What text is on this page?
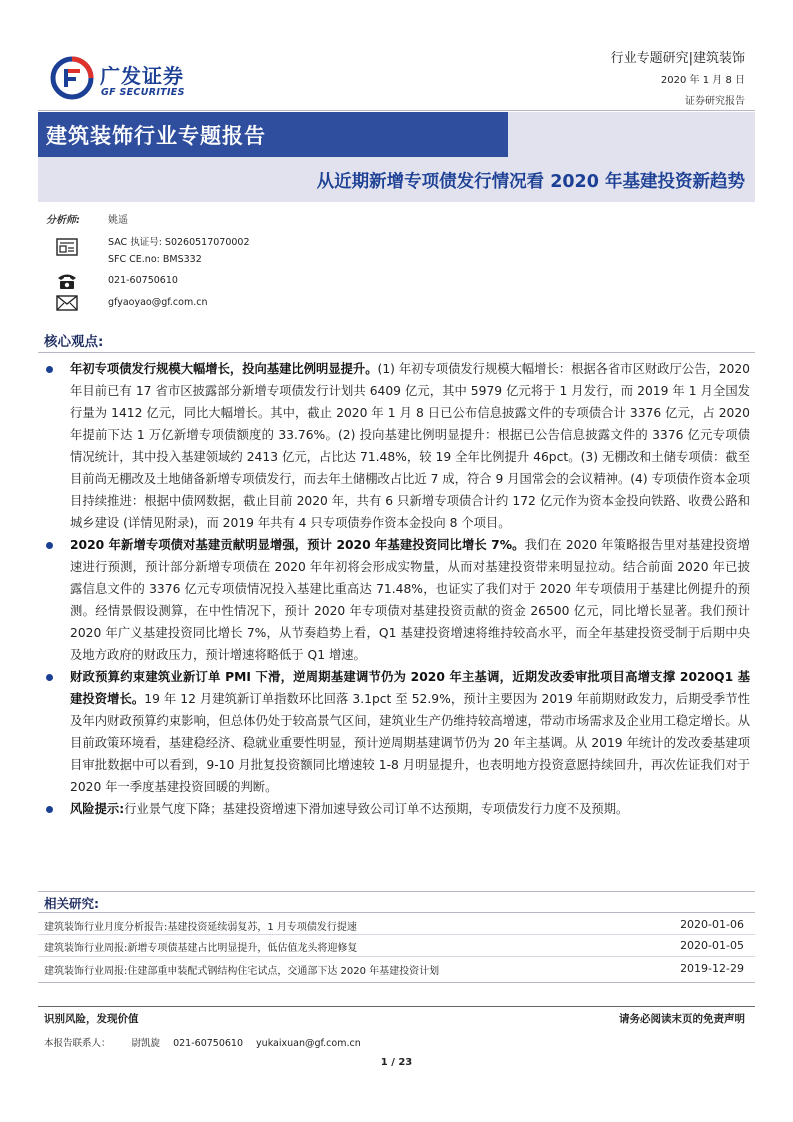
广发证券
GF SECURITIES
行业专题研究|建筑装饰
2020 年 1 月 8 日
证券研究报告
建筑装饰行业专题报告
从近期新增专项债发行情况看 2020 年基建投资新趋势
分析师:	姚遥
SAC 执证号: S0260517070002
SFC CE.no: BMS332
021-60750610
gfyaoyao@gf.com.cn
核心观点:
年初专项债发行规模大幅增长，投向基建比例明显提升。(1) 年初专项债发行规模大幅增长：根据各省市区财政厅公告，2020 年目前已有 17 省市区披露部分新增专项债发行计划共 6409 亿元，其中 5979 亿元将于 1 月发行，而 2019 年 1 月全国发行量为 1412 亿元，同比大幅增长。其中，截止 2020 年 1 月 8 日已公布信息披露文件的专项债合计 3376 亿元，占 2020 年提前下达 1 万亿新增专项债额度的 33.76%。(2) 投向基建比例明显提升：根据已公告信息披露文件的 3376 亿元专项债情况统计，其中投入基建领域约 2413 亿元，占比达 71.48%，较 19 全年比例提升 46pct。(3) 无棚改和土储专项债：截至目前尚无棚改及土地储备新增专项债发行，而去年土储棚改占比近 7 成，符合 9 月国常会的会议精神。(4) 专项债作资本金项目持续推进：根据中债网数据，截止目前 2020 年，共有 6 只新增专项债合计约 172 亿元作为资本金投向铁路、收费公路和城乡建设 (详情见附录)，而 2019 年共有 4 只专项债券作资本金投向 8 个项目。
2020 年新增专项债对基建贡献明显增强，预计 2020 年基建投资同比增长 7%。我们在 2020 年策略报告里对基建投资增速进行预测，预计部分新增专项债在 2020 年年初将会形成实物量，从而对基建投资带来明显拉动。结合前面 2020 年已披露信息文件的 3376 亿元专项债情况投入基建比重高达 71.48%，也证实了我们对于 2020 年专项债用于基建比例提升的预测。经情景假设测算，在中性情况下，预计 2020 年专项债对基建投资贡献的资金 26500 亿元，同比增长显著。我们预计 2020 年广义基建投资同比增长 7%，从节奏趋势上看，Q1 基建投资增速将维持较高水平，而全年基建投资受制于后期中央及地方政府的财政压力，预计增速将略低于 Q1 增速。
财政预算约束建筑业新订单 PMI 下滑，逆周期基建调节仍为 2020 年主基调，近期发改委审批项目高增支撑 2020Q1 基建投资增长。19 年 12 月建筑新订单指数环比回落 3.1pct 至 52.9%，预计主要因为 2019 年前期财政发力，后期受季节性及年内财政预算约束影响，但总体仍处于较高景气区间，建筑业生产仍维持较高增速，带动市场需求及企业用工稳定增长。从目前政策环境看，基建稳经济、稳就业重要性明显，预计逆周期基建调节仍为 20 年主基调。从 2019 年统计的发改委基建项目审批数据中可以看到，9-10 月批复投资额同比增速较 1-8 月明显提升，也表明地方投资意愿持续回升，再次佐证我们对于 2020 年一季度基建投资回暖的判断。
风险提示:行业景气度下降；基建投资增速下滑加速导致公司订单不达预期，专项债发行力度不及预期。
相关研究:
建筑装饰行业月度分析报告:基建投资延续弱复苏，1 月专项债发行提速	2020-01-06
建筑装饰行业周报:新增专项债基建占比明显提升，低估值龙头将迎修复	2020-01-05
建筑装饰行业周报:住建部重申装配式钢结构住宅试点，交通部下达 2020 年基建投资计划	2019-12-29
识别风险，发现价值	请务必阅读末页的免责声明
本报告联系人： 尉凯旋 021-60750610 yukaixuan@gf.com.cn
1 / 23
